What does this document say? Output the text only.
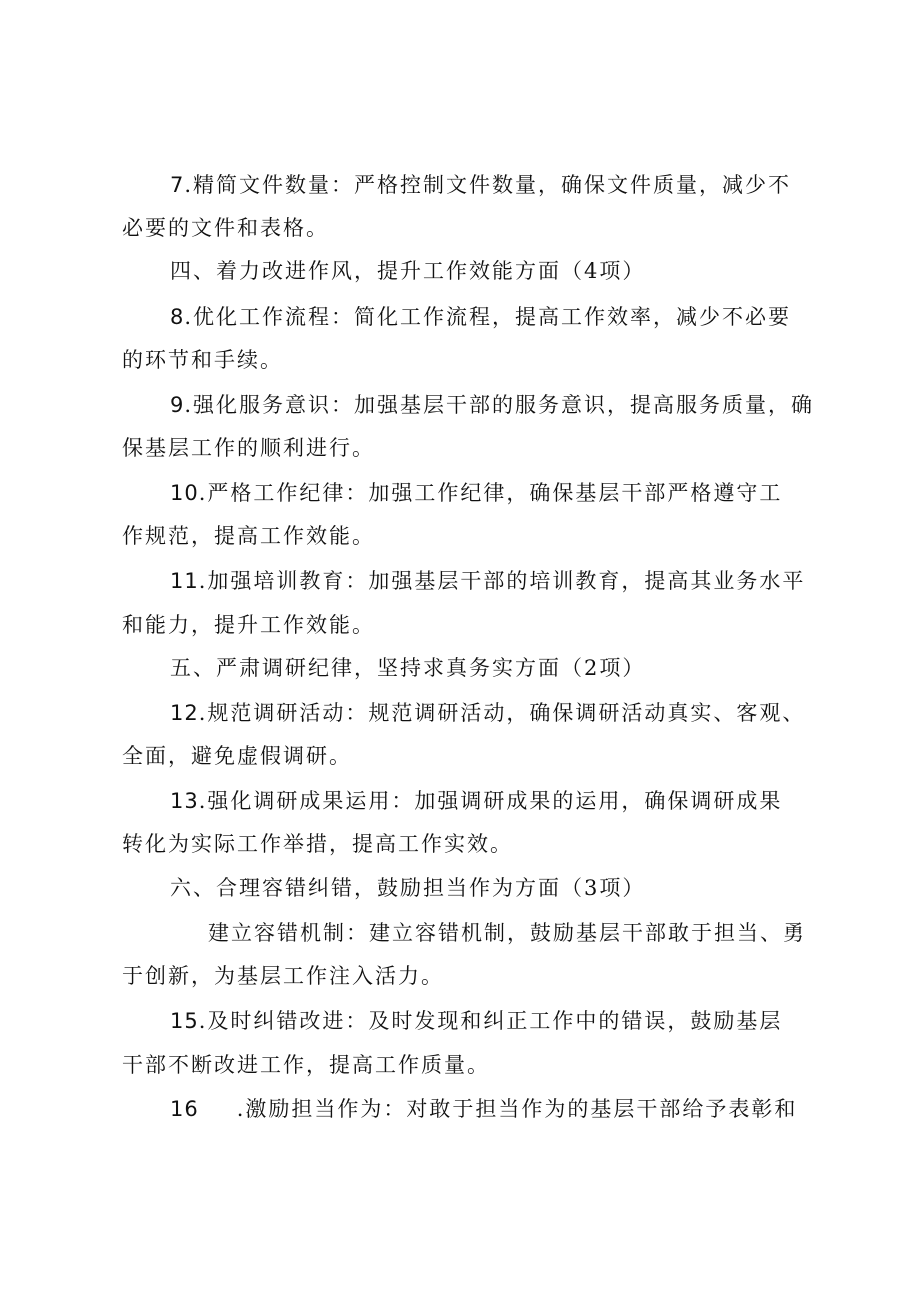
7.精简文件数量：严格控制文件数量，确保文件质量，减少不
必要的文件和表格。
四、着力改进作风，提升工作效能方面（4项）
8.优化工作流程：简化工作流程，提高工作效率，减少不必要
的环节和手续。
9.强化服务意识：加强基层干部的服务意识，提高服务质量，确
保基层工作的顺利进行。
10.严格工作纪律：加强工作纪律，确保基层干部严格遵守工
作规范，提高工作效能。
11.加强培训教育：加强基层干部的培训教育，提高其业务水平
和能力，提升工作效能。
五、严肃调研纪律，坚持求真务实方面（2项）
12.规范调研活动：规范调研活动，确保调研活动真实、客观、
全面，避免虚假调研。
13.强化调研成果运用：加强调研成果的运用，确保调研成果
转化为实际工作举措，提高工作实效。
六、合理容错纠错，鼓励担当作为方面（3项）
建立容错机制：建立容错机制，鼓励基层干部敢于担当、勇
于创新，为基层工作注入活力。
15.及时纠错改进：及时发现和纠正工作中的错误，鼓励基层
干部不断改进工作，提高工作质量。
16 .激励担当作为：对敢于担当作为的基层干部给予表彰和
